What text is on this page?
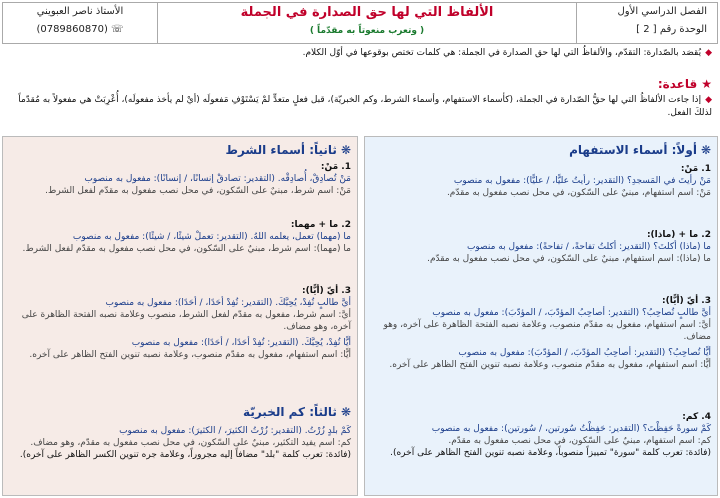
الفصل الدراسي الأول
الوحدة رقم [ 2 ]
الألفاظ التي لها حق الصدارة في الجملة
( وتعرب منعوتاً به مقدّماً )
الأستاذ ناصر العبويني
☏ (0789860870)
◆يُقصَد بالصّدارة: التقدّم، والألفاظُ التي لها حق الصدارة في الجملة: هي كلمات تختص بوقوعها في أوّل الكلام.
★قاعدة:
◆إذا جاءت الألفاظُ التي لها حقُّ الصّدارة في الجملة، (كأسماء الاستفهام، وأسماء الشرط، وكم الخبريّة)، قبل فعلٍ متعدٍّ لمْ يَسْتَوْفِ مَفعولَه (أيْ لم يأخذ مفعولَه)، أُعْرِبَتْ هي مفعولاً به مُقدّماً لذلكَ الفعل.
❋أولاً: أسماء الاستفهام
1. مَنْ:
مَنْ رأيتَ في المَسجدِ؟ (التقدير: رأيتُ عليًّا، / عليًّا): مفعول به منصوب
مَنْ: اسم استفهام، مبنيٌ على السّكون، في محل نصب مفعول به مقدّم.
2. ما + (ماذا):
ما (ماذا) أكلتَ؟ (التقدير: أكلتُ تفاحةً، / تفاحةً): مفعول به منصوب
ما (ماذا): اسم استفهام، مبنيٌ على السّكون، في محل نصب مفعول به مقدّم.
3. أيّ (أيًّا):
أيَّ طالبٍ تُصاحِبُ؟ (التقدير: أصاحِبُ المؤدّبَ، / المؤدّبَ): مفعول به منصوب
أيَّ: اسم استفهام، مفعول به مقدّم منصوب، وعلامة نصبه الفتحة الظاهرة على آخره، وهو مضاف.
أيًّا تُصاحِبُ؟ (التقدير: أصاحِبُ المؤدّبَ، / المؤدّبَ): مفعول به منصوب
أيًّا: اسم استفهام، مفعول به مقدّم منصوب، وعلامة نصبه تنوين الفتح الظاهر على آخره.
4. كم:
كَمْ سورةً حَفِظْتَ؟ (التقدير: حَفِظْتُ سُورتين، / سُورتين): مفعول به منصوب
كم: اسم استفهام، مبنيٌ على السّكون، في محل نصب مفعول به مقدّم.
(فائدة: تعرب كلمة "سورة" تمييزاً منصوباً، وعلامة نصبه تنوين الفتح الظاهر على آخره).
❋ثانياً: أسماء الشرط
1. مَنْ:
مَنْ تُصادِقْ، أُصادِقْه. (التقدير: تصادقْ إنسانًا، / إنسانًا): مفعول به منصوب
مَنْ: اسم شرط، مبنيٌ على السّكون، في محل نصب مفعول به مقدّم لفعل الشرط.
2. ما + مهما:
ما (مهما) تعمل، يعلمه اللهُ. (التقدير: تعملْ شيئًا، / شيئًا): مفعول به منصوب
ما (مهما): اسم شرط، مبنيٌ على السّكون، في محل نصب مفعول به مقدّم لفعل الشرط.
3. أيّ (أيًّا):
أيَّ طالبٍ تُفِدْ، يُحِبَّكَ. (التقدير: تُفِدْ أحَدًا، / أحَدًا): مفعول به منصوب
أيَّ: اسم شرط، مفعول به مقدّم لفعل الشرط، منصوب وعلامة نصبه الفتحة الظاهرة على آخره، وهو مضاف.
أيًّا تُفِدْ، يُحِبَّكَ. (التقدير: تُفِدْ أحَدًا، / أحَدًا): مفعول به منصوب
أيًّا: اسم استفهام، مفعول به مقدّم منصوب، وعلامة نصبه تنوين الفتح الظاهر على آخره.
❋ثالثاً: كم الخبريّة
كَمْ بلدٍ زُرْتُ. (التقدير: زُرْتُ الكثيرَ، / الكثيرَ): مفعول به منصوب
كم: اسم يفيد التكثير، مبنيٌ على السّكون، في محل نصب مفعول به مقدّم، وهو مضاف.
(فائدة: تعرب كلمة "بلد" مضافاً إليه مجروراً، وعلامة جره تنوين الكسر الظاهر على آخره).
